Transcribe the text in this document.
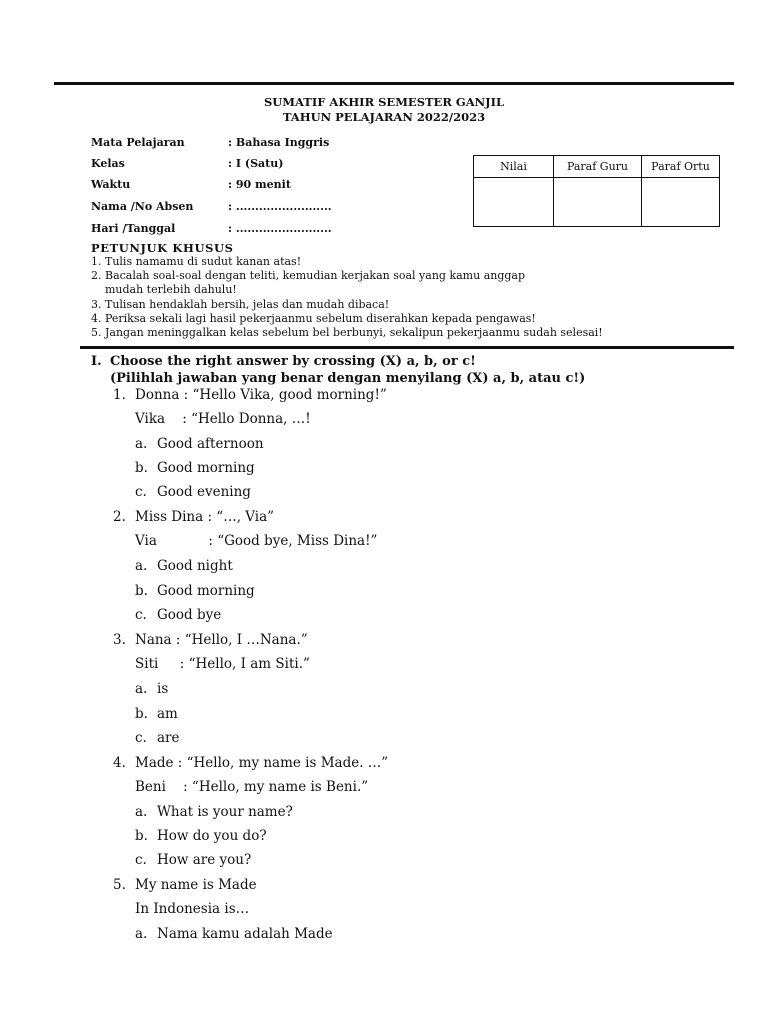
SUMATIF AKHIR SEMESTER GANJIL
TAHUN PELAJARAN 2022/2023
Mata Pelajaran	: Bahasa Inggris
Kelas	: I (Satu)
Waktu	: 90 menit
Nama /No Absen	: .........................
Hari /Tanggal	: .........................
Nilai	Paraf Guru	Paraf Ortu

PETUNJUK KHUSUS
1. Tulis namamu di sudut kanan atas!
2. Bacalah soal-soal dengan teliti, kemudian kerjakan soal yang kamu anggap
mudah terlebih dahulu!
3. Tulisan hendaklah bersih, jelas dan mudah dibaca!
4. Periksa sekali lagi hasil pekerjaanmu sebelum diserahkan kepada pengawas!
5. Jangan meninggalkan kelas sebelum bel berbunyi, sekalipun pekerjaanmu sudah selesai!
I. Choose the right answer by crossing (X) a, b, or c!
(Pilihlah jawaban yang benar dengan menyilang (X) a, b, atau c!)
1. Donna : “Hello Vika, good morning!”
Vika    : “Hello Donna, …!
a. Good afternoon
b. Good morning
c. Good evening
2. Miss Dina : “…, Via”
Via            : “Good bye, Miss Dina!”
a. Good night
b. Good morning
c. Good bye
3. Nana : “Hello, I …Nana.”
Siti     : “Hello, I am Siti.”
a. is
b. am
c. are
4. Made : “Hello, my name is Made. …”
Beni    : “Hello, my name is Beni.”
a. What is your name?
b. How do you do?
c. How are you?
5. My name is Made
In Indonesia is…
a. Nama kamu adalah Made
